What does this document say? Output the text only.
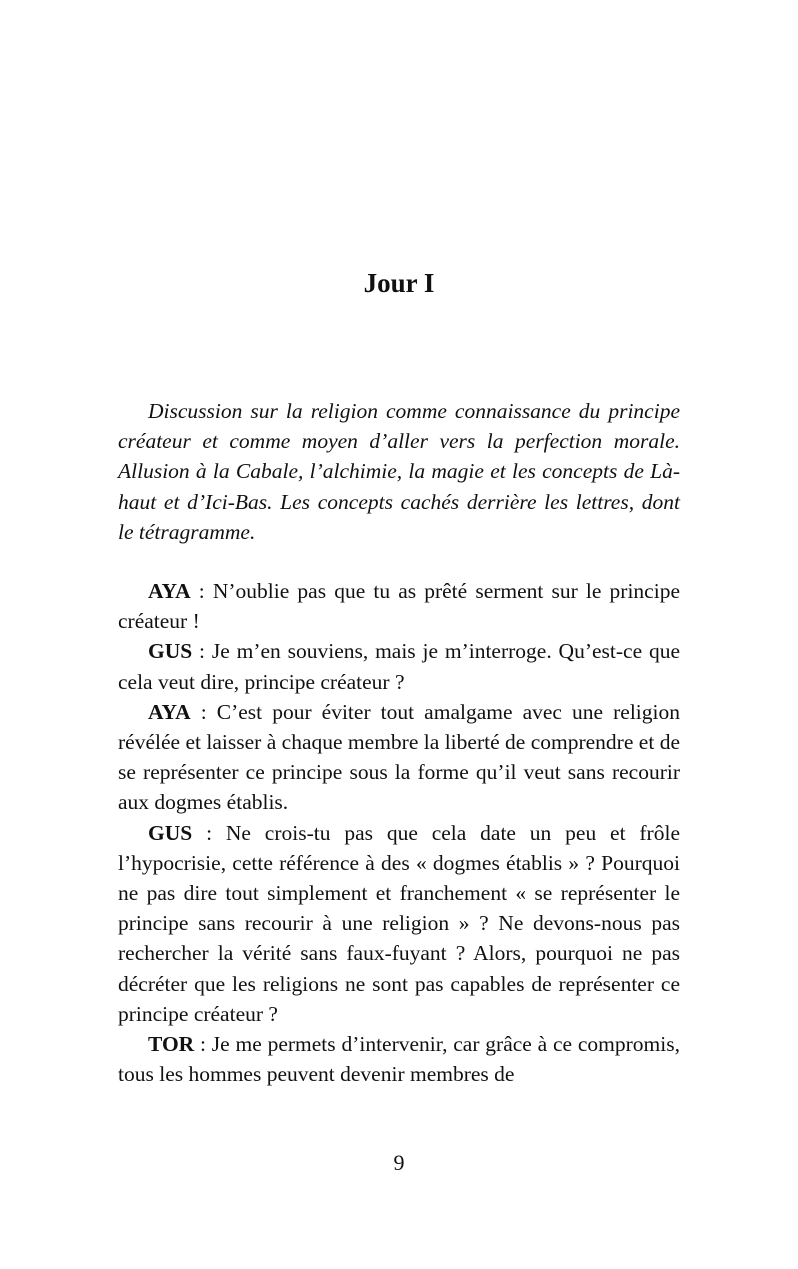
Jour I

Discussion sur la religion comme connaissance du principe créateur et comme moyen d’aller vers la perfection morale. Allusion à la Cabale, l’alchimie, la magie et les concepts de Là-haut et d’Ici-Bas. Les concepts cachés derrière les lettres, dont le tétragramme.

AYA : N’oublie pas que tu as prêté serment sur le principe créateur !

GUS : Je m’en souviens, mais je m’interroge. Qu’est-ce que cela veut dire, principe créateur ?

AYA : C’est pour éviter tout amalgame avec une religion révélée et laisser à chaque membre la liberté de comprendre et de se représenter ce principe sous la forme qu’il veut sans recourir aux dogmes établis.

GUS : Ne crois-tu pas que cela date un peu et frôle l’hypocrisie, cette référence à des « dogmes établis » ? Pourquoi ne pas dire tout simplement et franchement « se représenter le principe sans recourir à une religion » ? Ne devons-nous pas rechercher la vérité sans faux-fuyant ? Alors, pourquoi ne pas décréter que les religions ne sont pas capables de représenter ce principe créateur ?

TOR : Je me permets d’intervenir, car grâce à ce compromis, tous les hommes peuvent devenir membres de

9
